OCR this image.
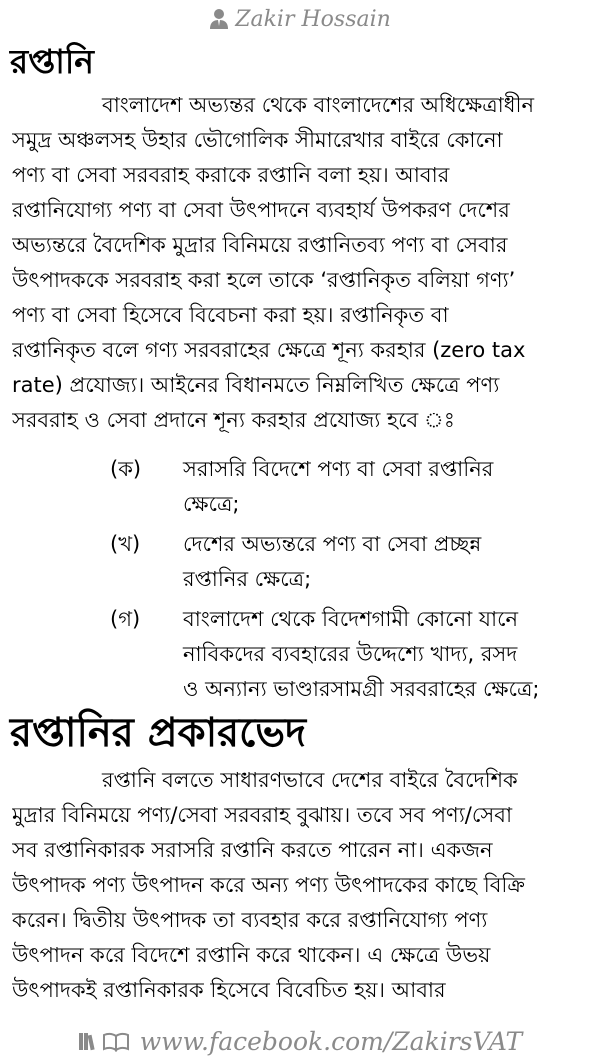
Zakir Hossain
রপ্তানি

বাংলাদেশ অভ্যন্তর থেকে বাংলাদেশের অধিক্ষেত্রাধীন
সমুদ্র অঞ্চলসহ উহার ভৌগোলিক সীমারেখার বাইরে কোনো
পণ্য বা সেবা সরবরাহ করাকে রপ্তানি বলা হয়। আবার
রপ্তানিযোগ্য পণ্য বা সেবা উৎপাদনে ব্যবহার্য উপকরণ দেশের
অভ্যন্তরে বৈদেশিক মুদ্রার বিনিময়ে রপ্তানিতব্য পণ্য বা সেবার
উৎপাদককে সরবরাহ করা হলে তাকে ‘রপ্তানিকৃত বলিয়া গণ্য’
পণ্য বা সেবা হিসেবে বিবেচনা করা হয়। রপ্তানিকৃত বা
রপ্তানিকৃত বলে গণ্য সরবরাহের ক্ষেত্রে শূন্য করহার (zero tax
rate) প্রযোজ্য। আইনের বিধানমতে নিম্নলিখিত ক্ষেত্রে পণ্য
সরবরাহ ও সেবা প্রদানে শূন্য করহার প্রযোজ্য হবে ঃ

(ক) সরাসরি বিদেশে পণ্য বা সেবা রপ্তানির
ক্ষেত্রে;
(খ) দেশের অভ্যন্তরে পণ্য বা সেবা প্রচ্ছন্ন
রপ্তানির ক্ষেত্রে;
(গ) বাংলাদেশ থেকে বিদেশগামী কোনো যানে
নাবিকদের ব্যবহারের উদ্দেশ্যে খাদ্য, রসদ
ও অন্যান্য ভাণ্ডারসামগ্রী সরবরাহের ক্ষেত্রে;
রপ্তানির প্রকারভেদ

রপ্তানি বলতে সাধারণভাবে দেশের বাইরে বৈদেশিক
মুদ্রার বিনিময়ে পণ্য/সেবা সরবরাহ বুঝায়। তবে সব পণ্য/সেবা
সব রপ্তানিকারক সরাসরি রপ্তানি করতে পারেন না। একজন
উৎপাদক পণ্য উৎপাদন করে অন্য পণ্য উৎপাদকের কাছে বিক্রি
করেন। দ্বিতীয় উৎপাদক তা ব্যবহার করে রপ্তানিযোগ্য পণ্য
উৎপাদন করে বিদেশে রপ্তানি করে থাকেন। এ ক্ষেত্রে উভয়
উৎপাদকই রপ্তানিকারক হিসেবে বিবেচিত হয়। আবার

www.facebook.com/ZakirsVAT
